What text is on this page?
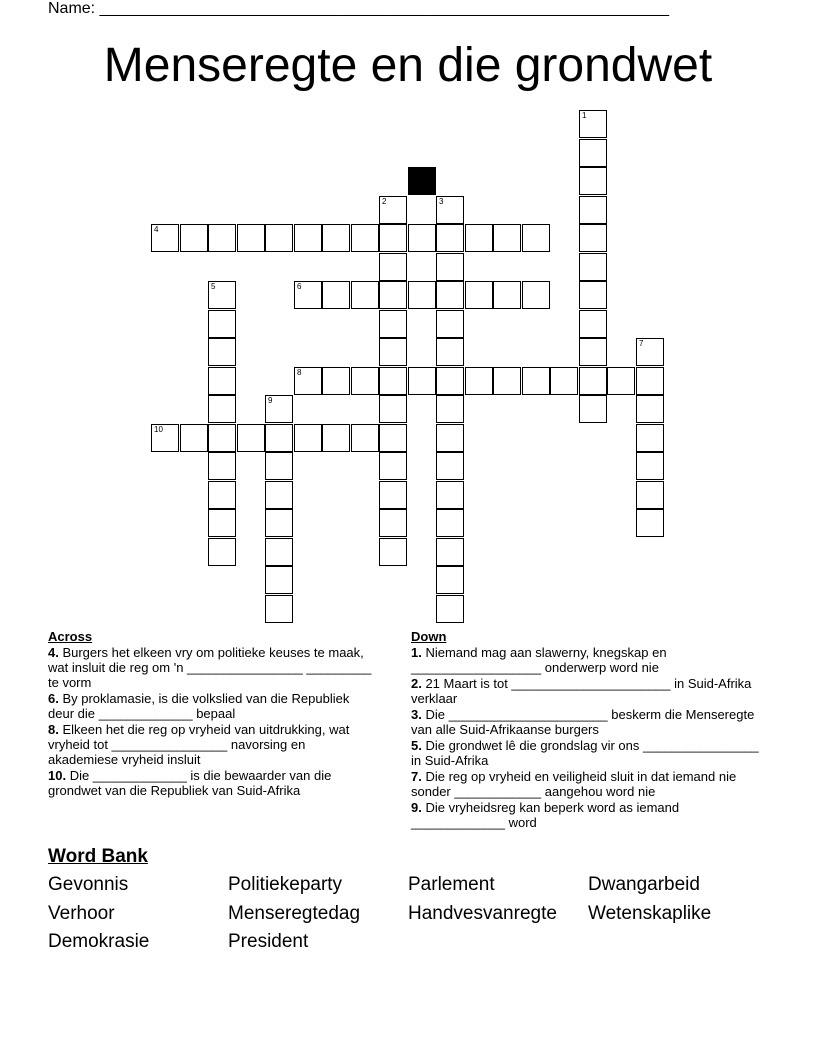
Name: ________________________________________________________________
Menseregte en die grondwet
1
2	3
4
5	6
7
8
9
10
Across
4. Burgers het elkeen vry om politieke keuses te maak, wat insluit die reg om 'n ________________ _________ te vorm
6. By proklamasie, is die volkslied van die Republiek deur die _____________ bepaal
8. Elkeen het die reg op vryheid van uitdrukking, wat vryheid tot ________________ navorsing en akademiese vryheid insluit
10. Die _____________ is die bewaarder van die grondwet van die Republiek van Suid-Afrika
Down
1. Niemand mag aan slawerny, knegskap en __________________ onderwerp word nie
2. 21 Maart is tot ______________________ in Suid-Afrika verklaar
3. Die ______________________ beskerm die Menseregte van alle Suid-Afrikaanse burgers
5. Die grondwet lê die grondslag vir ons ________________ in Suid-Afrika
7. Die reg op vryheid en veiligheid sluit in dat iemand nie sonder ____________ aangehou word nie
9. Die vryheidsreg kan beperk word as iemand _____________ word
Word Bank
Gevonnis	Politiekeparty	Parlement	Dwangarbeid
Verhoor	Menseregtedag	Handvesvanregte Wetenskaplike
Demokrasie	President
